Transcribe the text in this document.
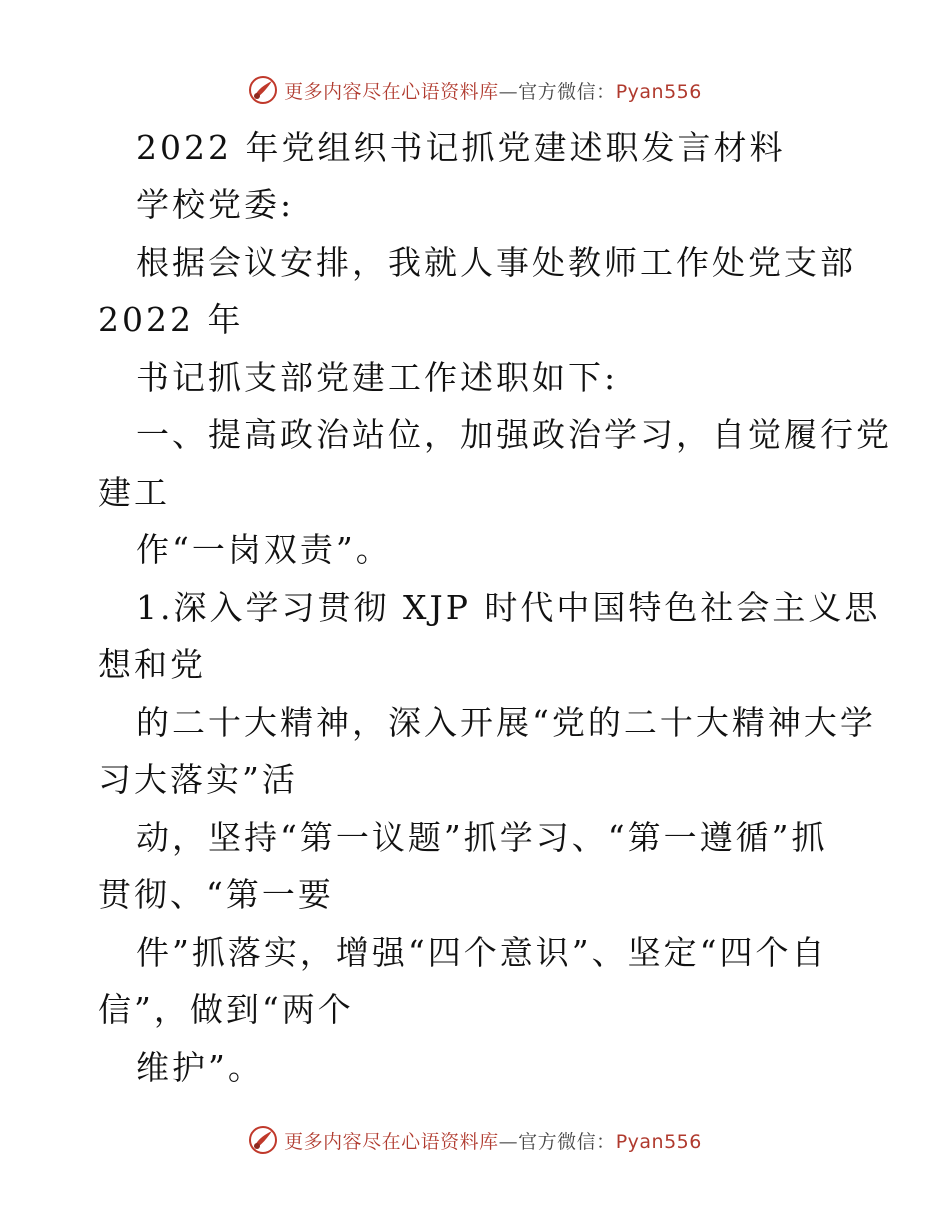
更多内容尽在心语资料库—官方微信：Pyan556
2022 年党组织书记抓党建述职发言材料
学校党委:
根据会议安排，我就人事处教师工作处党支部
2022 年
书记抓支部党建工作述职如下:
一、提高政治站位，加强政治学习，自觉履行党
建工
作“一岗双责”。
1.深入学习贯彻 XJP 时代中国特色社会主义思
想和党
的二十大精神，深入开展“党的二十大精神大学
习大落实”活
动，坚持“第一议题”抓学习、“第一遵循”抓
贯彻、“第一要
件”抓落实，增强“四个意识”、坚定“四个自
信”，做到“两个
维护”。
更多内容尽在心语资料库—官方微信：Pyan556
